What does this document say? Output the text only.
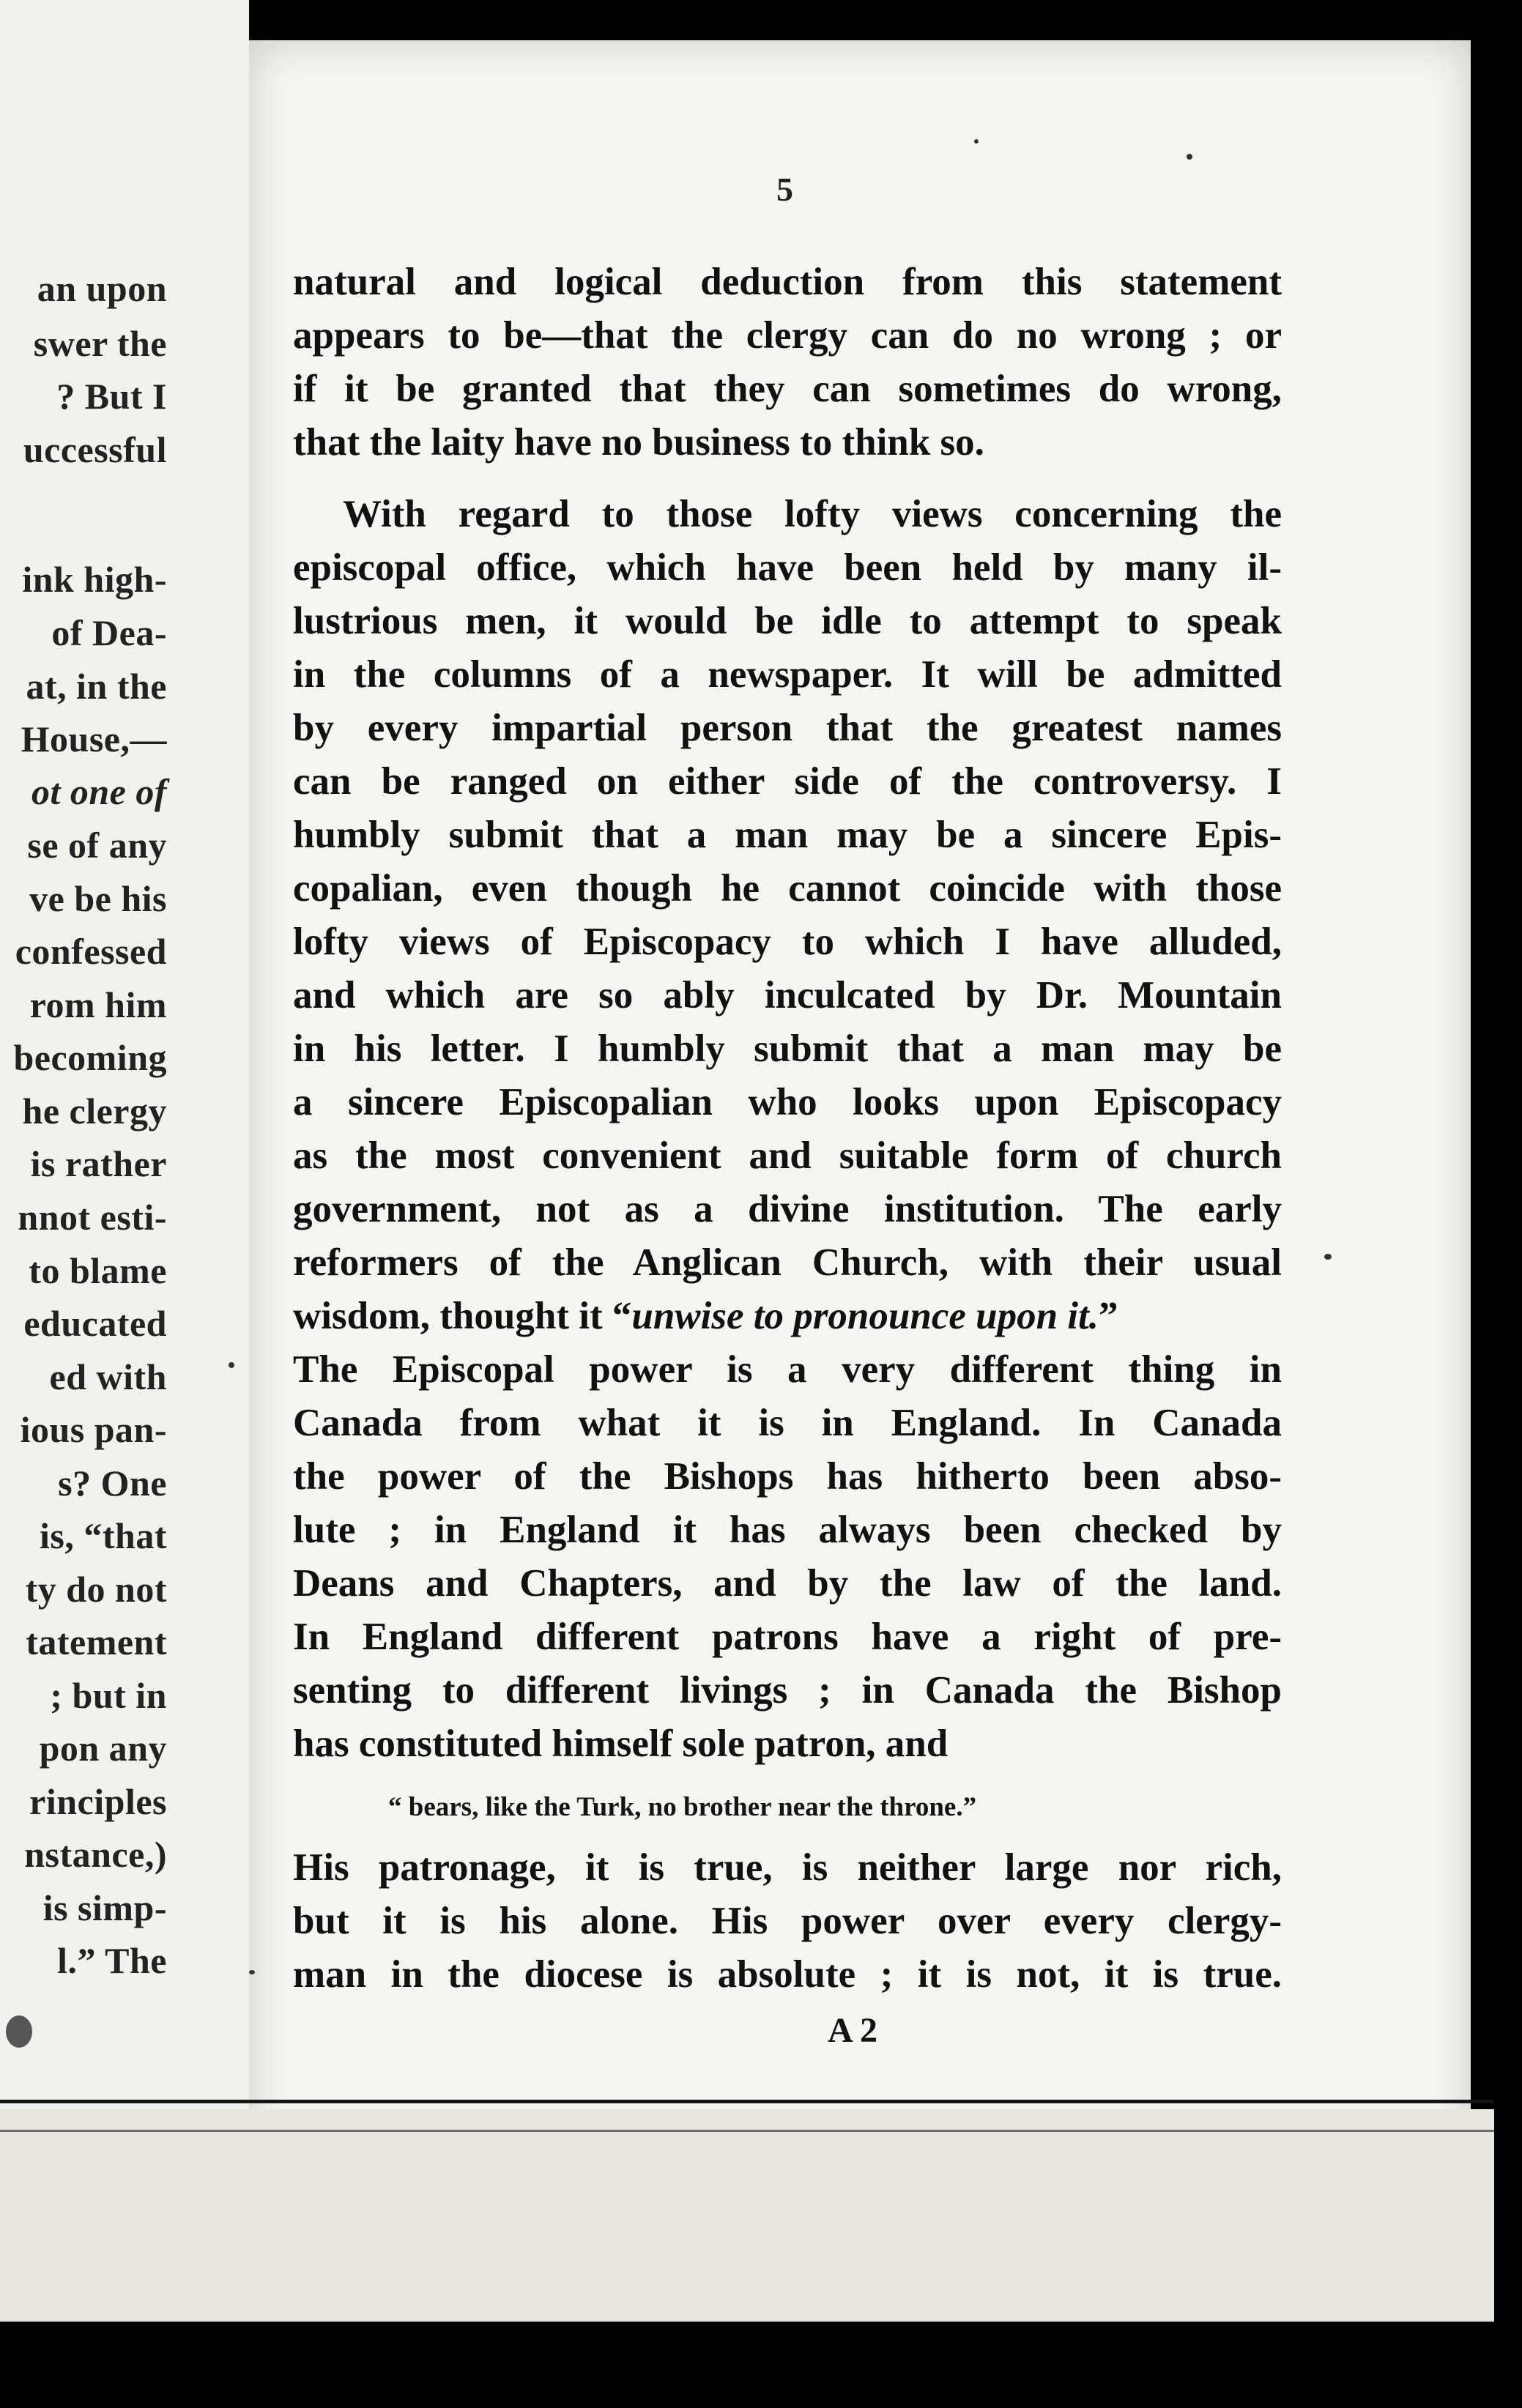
an upon
swer the
? But I
uccessful
ink high-
of Dea-
at, in the
House,—
ot one of
se of any
ve be his
confessed
rom him
becoming
he clergy
is rather
nnot esti-
to blame
educated
ed with
ious pan-
s? One
is, “that
ty do not
tatement
; but in
pon any
rinciples
nstance,)
is simp-
l.” The
5
natural and logical deduction from this statement
appears to be—that the clergy can do no wrong ; or
if it be granted that they can sometimes do wrong,
that the laity have no business to think so.
With regard to those lofty views concerning the
episcopal office, which have been held by many il-
lustrious men, it would be idle to attempt to speak
in the columns of a newspaper. It will be admitted
by every impartial person that the greatest names
can be ranged on either side of the controversy. I
humbly submit that a man may be a sincere Epis-
copalian, even though he cannot coincide with those
lofty views of Episcopacy to which I have alluded,
and which are so ably inculcated by Dr. Mountain
in his letter. I humbly submit that a man may be
a sincere Episcopalian who looks upon Episcopacy
as the most convenient and suitable form of church
government, not as a divine institution. The early
reformers of the Anglican Church, with their usual
wisdom, thought it “unwise to pronounce upon it.”
The Episcopal power is a very different thing in
Canada from what it is in England. In Canada
the power of the Bishops has hitherto been abso-
lute ; in England it has always been checked by
Deans and Chapters, and by the law of the land.
In England different patrons have a right of pre-
senting to different livings ; in Canada the Bishop
has constituted himself sole patron, and
“ bears, like the Turk, no brother near the throne.”
His patronage, it is true, is neither large nor rich,
but it is his alone. His power over every clergy-
man in the diocese is absolute ; it is not, it is true.
A 2
